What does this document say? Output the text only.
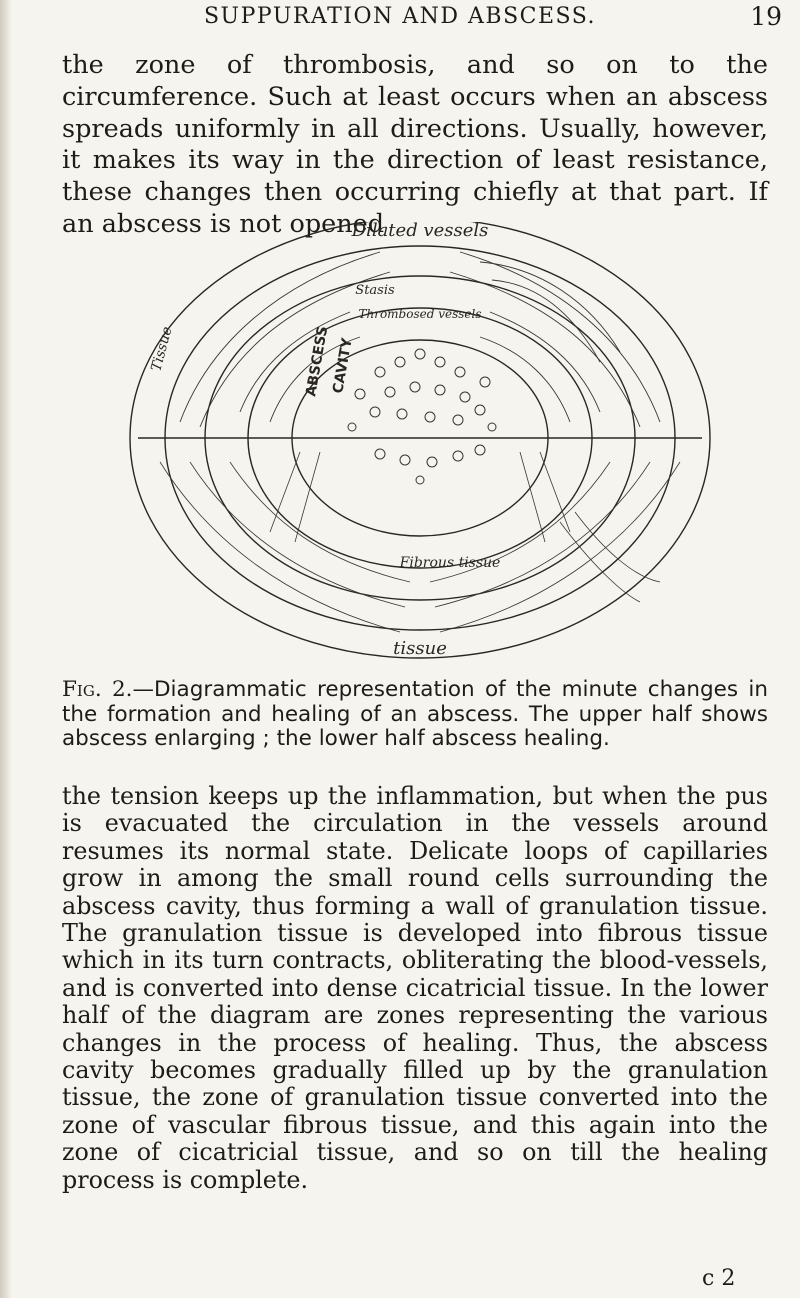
SUPPURATION AND ABSCESS.	19

the zone of thrombosis, and so on to the circumference. Such at least occurs when an abscess spreads uniformly in all directions. Usually, however, it makes its way in the direction of least resistance, these changes then occurring chiefly at that part. If an abscess is not opened

Dilated vessels
Stasis
Thrombosed vessels
Tissue
Fibrous tissue
tissue
ABSCESS
CAVITY
Fig. 2.—Diagrammatic representation of the minute changes in the formation and healing of an abscess. The upper half shows abscess enlarging ; the lower half abscess healing.

the tension keeps up the inflammation, but when the pus is evacuated the circulation in the vessels around resumes its normal state. Delicate loops of capillaries grow in among the small round cells surrounding the abscess cavity, thus forming a wall of granulation tissue. The granulation tissue is developed into fibrous tissue which in its turn contracts, obliterating the blood-vessels, and is converted into dense cicatricial tissue. In the lower half of the diagram are zones representing the various changes in the process of healing. Thus, the abscess cavity becomes gradually filled up by the granulation tissue, the zone of granulation tissue converted into the zone of vascular fibrous tissue, and this again into the zone of cicatricial tissue, and so on till the healing process is complete.

c 2
